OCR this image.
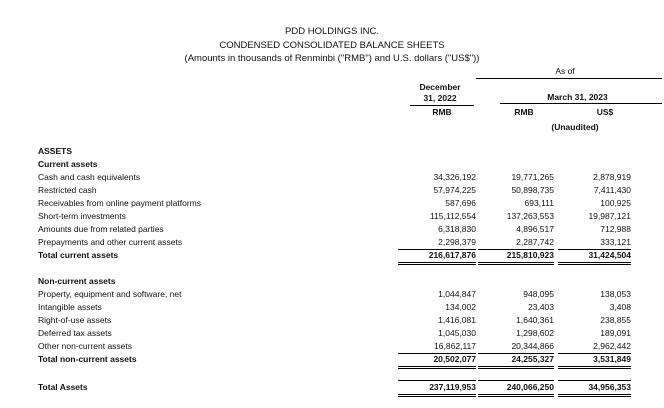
PDD HOLDINGS INC.
CONDENSED CONSOLIDATED BALANCE SHEETS
(Amounts in thousands of Renminbi ("RMB") and U.S. dollars ("US$"))
As of
December
31, 2022	March 31, 2023
RMB	RMB	US$
(Unaudited)
ASSETS
Current assets
Cash and cash equivalents	34,326,192	19,771,265	2,878,919
Restricted cash	57,974,225	50,898,735	7,411,430
Receivables from online payment platforms	587,696	693,111	100,925
Short-term investments	115,112,554	137,263,553	19,987,121
Amounts due from related parties	6,318,830	4,896,517	712,988
Prepayments and other current assets	2,298,379	2,287,742	333,121
Total current assets	216,617,876	215,810,923	31,424,504
Non-current assets
Property, equipment and software, net	1,044,847	948,095	138,053
Intangible assets	134,002	23,403	3,408
Right-of-use assets	1,416,081	1,640,361	238,855
Deferred tax assets	1,045,030	1,298,602	189,091
Other non-current assets	16,862,117	20,344,866	2,962,442
Total non-current assets	20,502,077	24,255,327	3,531,849
Total Assets	237,119,953	240,066,250	34,956,353
